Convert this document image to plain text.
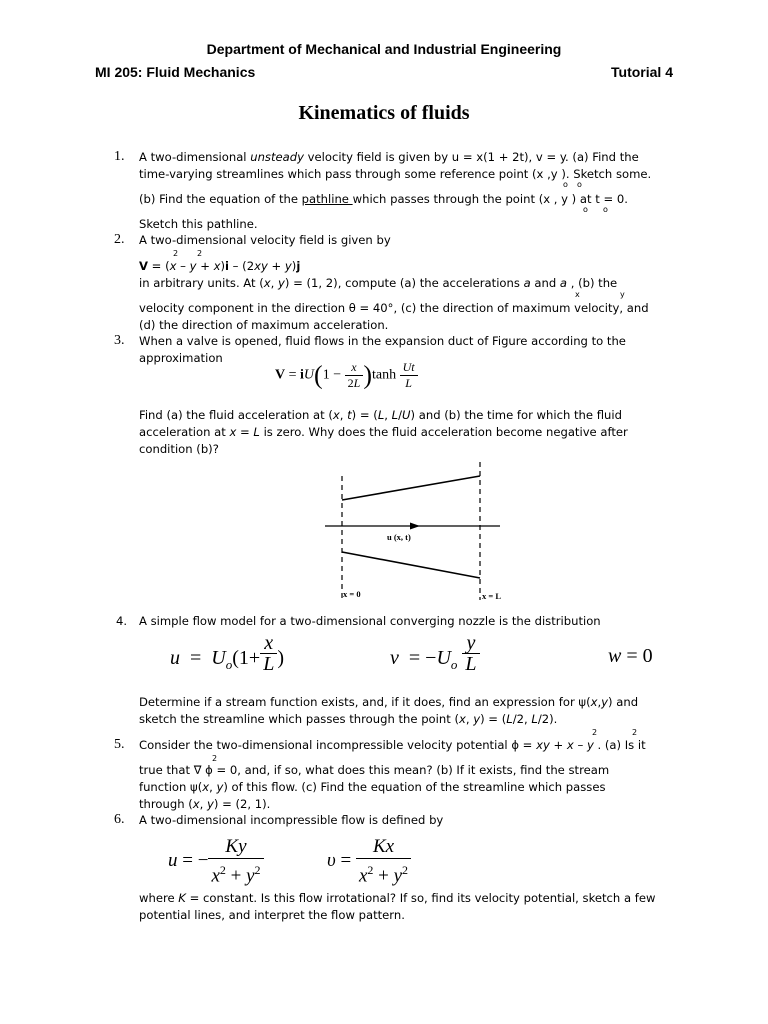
Department of Mechanical and Industrial Engineering
MI 205: Fluid Mechanics	Tutorial 4
Kinematics of fluids
1. A two-dimensional unsteady velocity field is given by u = x(1 + 2t), v = y. (a) Find the
time-varying streamlines which pass through some reference point (x ,y ). Sketch some.
(b) Find the equation of the pathline which passes through the point (x , y ) at t = 0.
Sketch this pathline.
o o
o o
2. A two-dimensional velocity field is given by
V = (x – y + x)i – (2xy + y)j
in arbitrary units. At (x, y) = (1, 2), compute (a) the accelerations a and a , (b) the
velocity component in the direction θ = 40°, (c) the direction of maximum velocity, and
(d) the direction of maximum acceleration.
2 2
x	y
3. When a valve is opened, fluid flows in the expansion duct of Figure according to the
approximation
$V = iU(1 - \frac{x}{2L} )\tanh \frac{Ut}{L}$
Find (a) the fluid acceleration at (x, t) = (L, L/U) and (b) the time for which the fluid
acceleration at x = L is zero. Why does the fluid acceleration become negative after
condition (b)?
u (x, t)
x = 0	x = L
4. A simple flow model for a two-dimensional converging nozzle is the distribution
$u = U_o(1+ \frac{x}{L}$ )	$v = -U_o \frac{y}{L}$	w = 0
Determine if a stream function exists, and, if it does, find an expression for ψ(x,y) and
sketch the streamline which passes through the point (x, y) = (L/2, L/2).
5. Consider the two-dimensional incompressible velocity potential ϕ = xy + x – y . (a) Is it
true that ∇ ϕ = 0, and, if so, what does this mean? (b) If it exists, find the stream
function ψ(x, y) of this flow. (c) Find the equation of the streamline which passes
through (x, y) = (2, 1).
2	2
2
6. A two-dimensional incompressible flow is defined by
u = − $\frac{Ky}{x^2 + y^2}$	$\upsilon = \frac{Kx}{x^2 + y^2}$
where K = constant. Is this flow irrotational? If so, find its velocity potential, sketch a few
potential lines, and interpret the flow pattern.
